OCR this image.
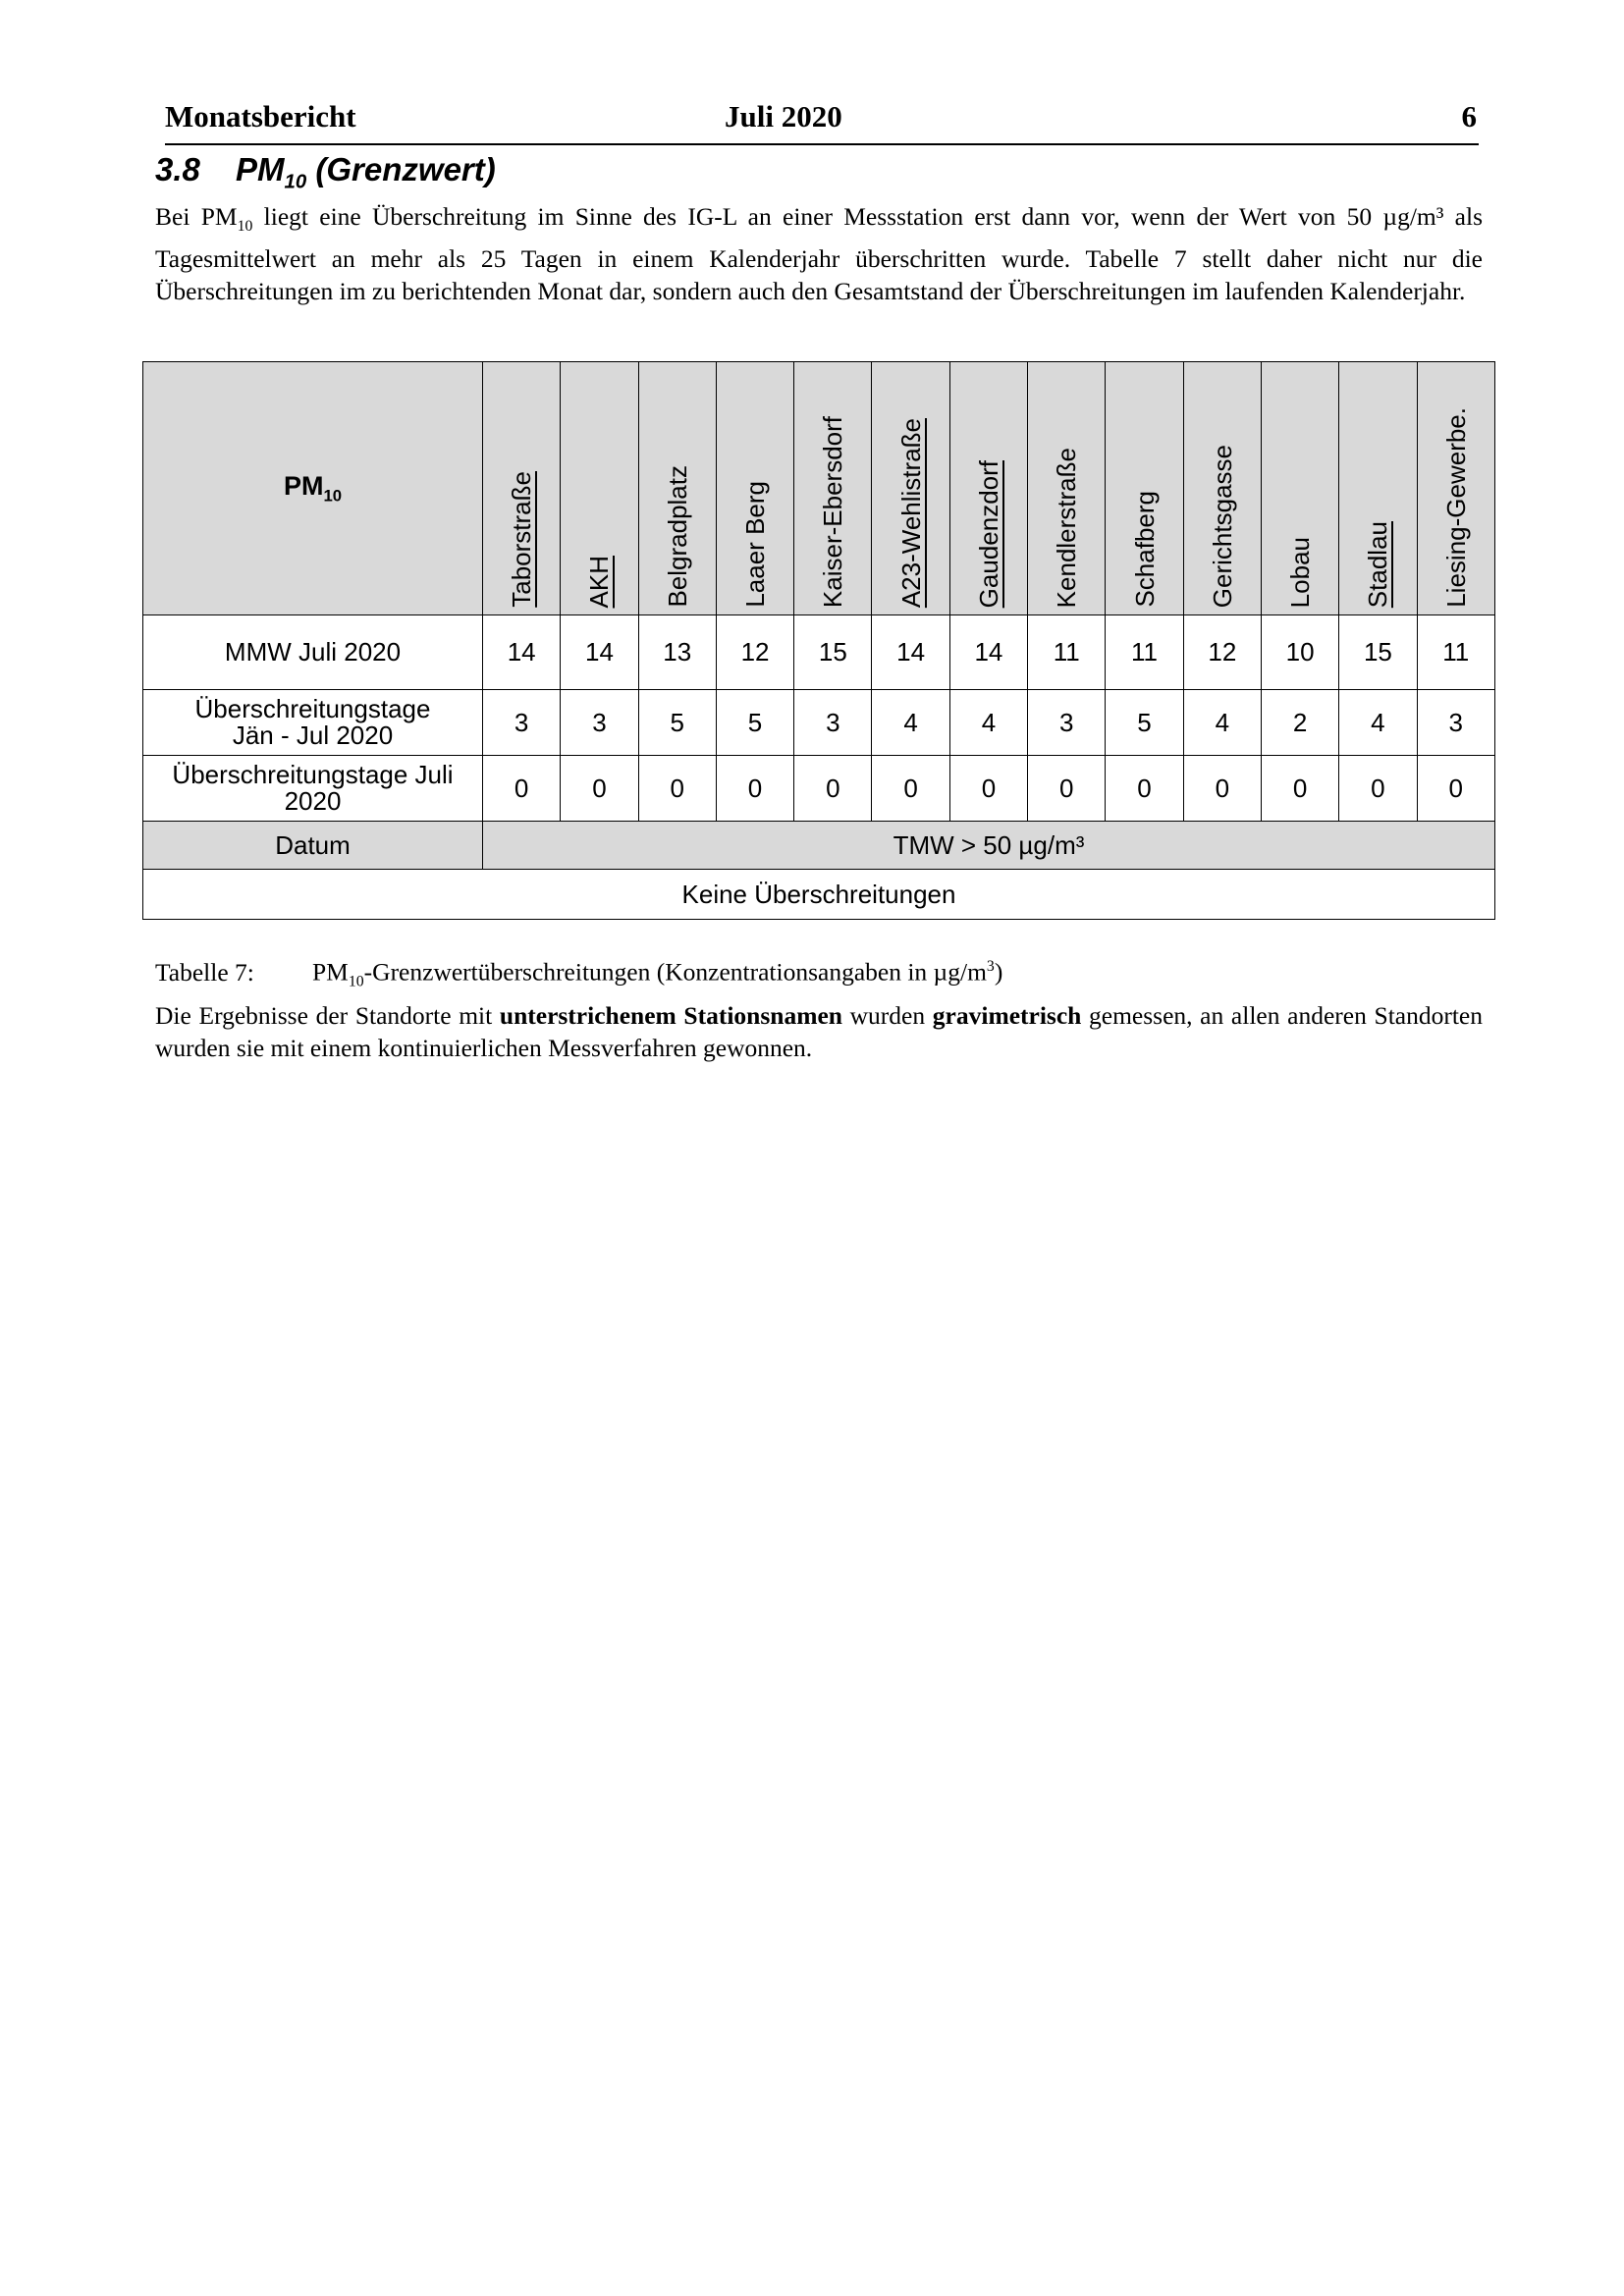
Monatsbericht	Juli 2020	6
3.8 $PM_{10}$ (Grenzwert)
Bei $PM_{10}$ liegt eine Überschreitung im Sinne des IG-L an einer Messstation erst dann vor, wenn der Wert von 50 µg/m³ als Tagesmittelwert an mehr als 25 Tagen in einem Kalenderjahr überschritten wurde. Tabelle 7 stellt daher nicht nur die Überschreitungen im zu berichtenden Monat dar, sondern auch den Gesamtstand der Überschreitungen im laufenden Kalenderjahr.
$PM_{10}$	Taborstraße	AKH	Belgradplatz	Laaer Berg	Kaiser-Ebersdorf	A23-Wehlistraße	Gaudenzdorf	Kendlerstraße	Schafberg	Gerichtsgasse	Lobau	Stadlau	Liesing-Gewerbe.
MMW Juli 2020	14	14	13	12	15	14	14	11	11	12	10	15	11
Überschreitungstage
Jän - Jul 2020	3	3	5	5	3	4	4	3	5	4	2	4	3
Überschreitungstage Juli
2020	0	0	0	0	0	0	0	0	0	0	0	0	0
Datum	TMW > 50 µg/m³												
Keine Überschreitungen													
Tabelle 7: $PM_{10}$-Grenzwertüberschreitungen (Konzentrationsangaben in $\mu g/m^3$)
Die Ergebnisse der Standorte mit unterstrichenem Stationsnamen wurden gravimetrisch gemessen, an allen anderen Standorten wurden sie mit einem kontinuierlichen Messverfahren gewonnen.
